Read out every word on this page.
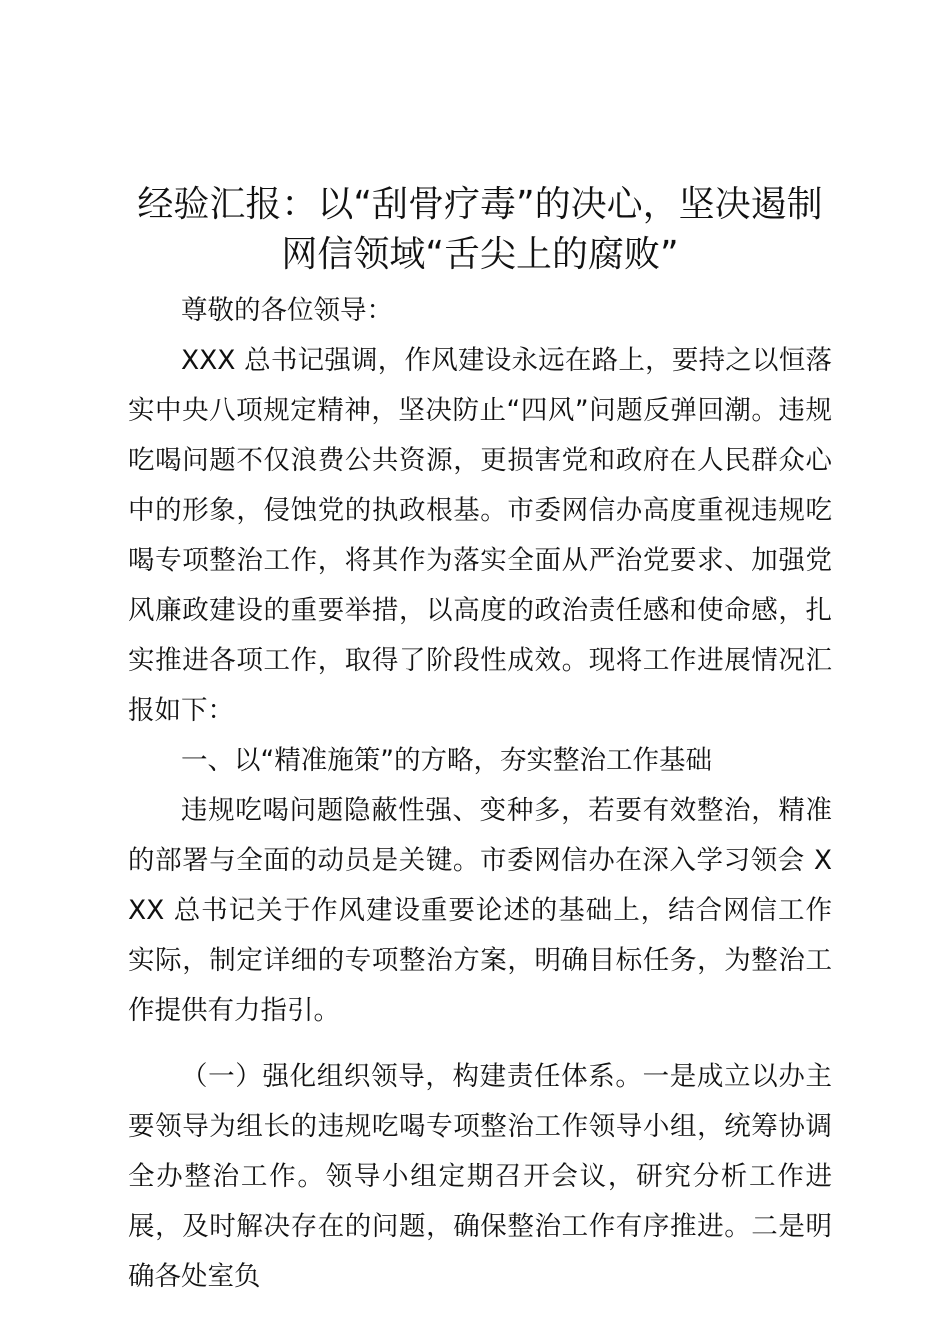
经验汇报：以“刮骨疗毒”的决心，坚决遏制
网信领域“舌尖上的腐败”

尊敬的各位领导：

XXX 总书记强调，作风建设永远在路上，要持之以恒落实中央八项规定精神，坚决防止“四风”问题反弹回潮。违规吃喝问题不仅浪费公共资源，更损害党和政府在人民群众心中的形象，侵蚀党的执政根基。市委网信办高度重视违规吃喝专项整治工作，将其作为落实全面从严治党要求、加强党风廉政建设的重要举措，以高度的政治责任感和使命感，扎实推进各项工作，取得了阶段性成效。现将工作进展情况汇报如下：

一、以“精准施策”的方略，夯实整治工作基础

违规吃喝问题隐蔽性强、变种多，若要有效整治，精准的部署与全面的动员是关键。市委网信办在深入学习领会 XXX 总书记关于作风建设重要论述的基础上，结合网信工作实际，制定详细的专项整治方案，明确目标任务，为整治工作提供有力指引。

（一）强化组织领导，构建责任体系。一是成立以办主要领导为组长的违规吃喝专项整治工作领导小组，统筹协调全办整治工作。领导小组定期召开会议，研究分析工作进展，及时解决存在的问题，确保整治工作有序推进。二是明确各处室负
